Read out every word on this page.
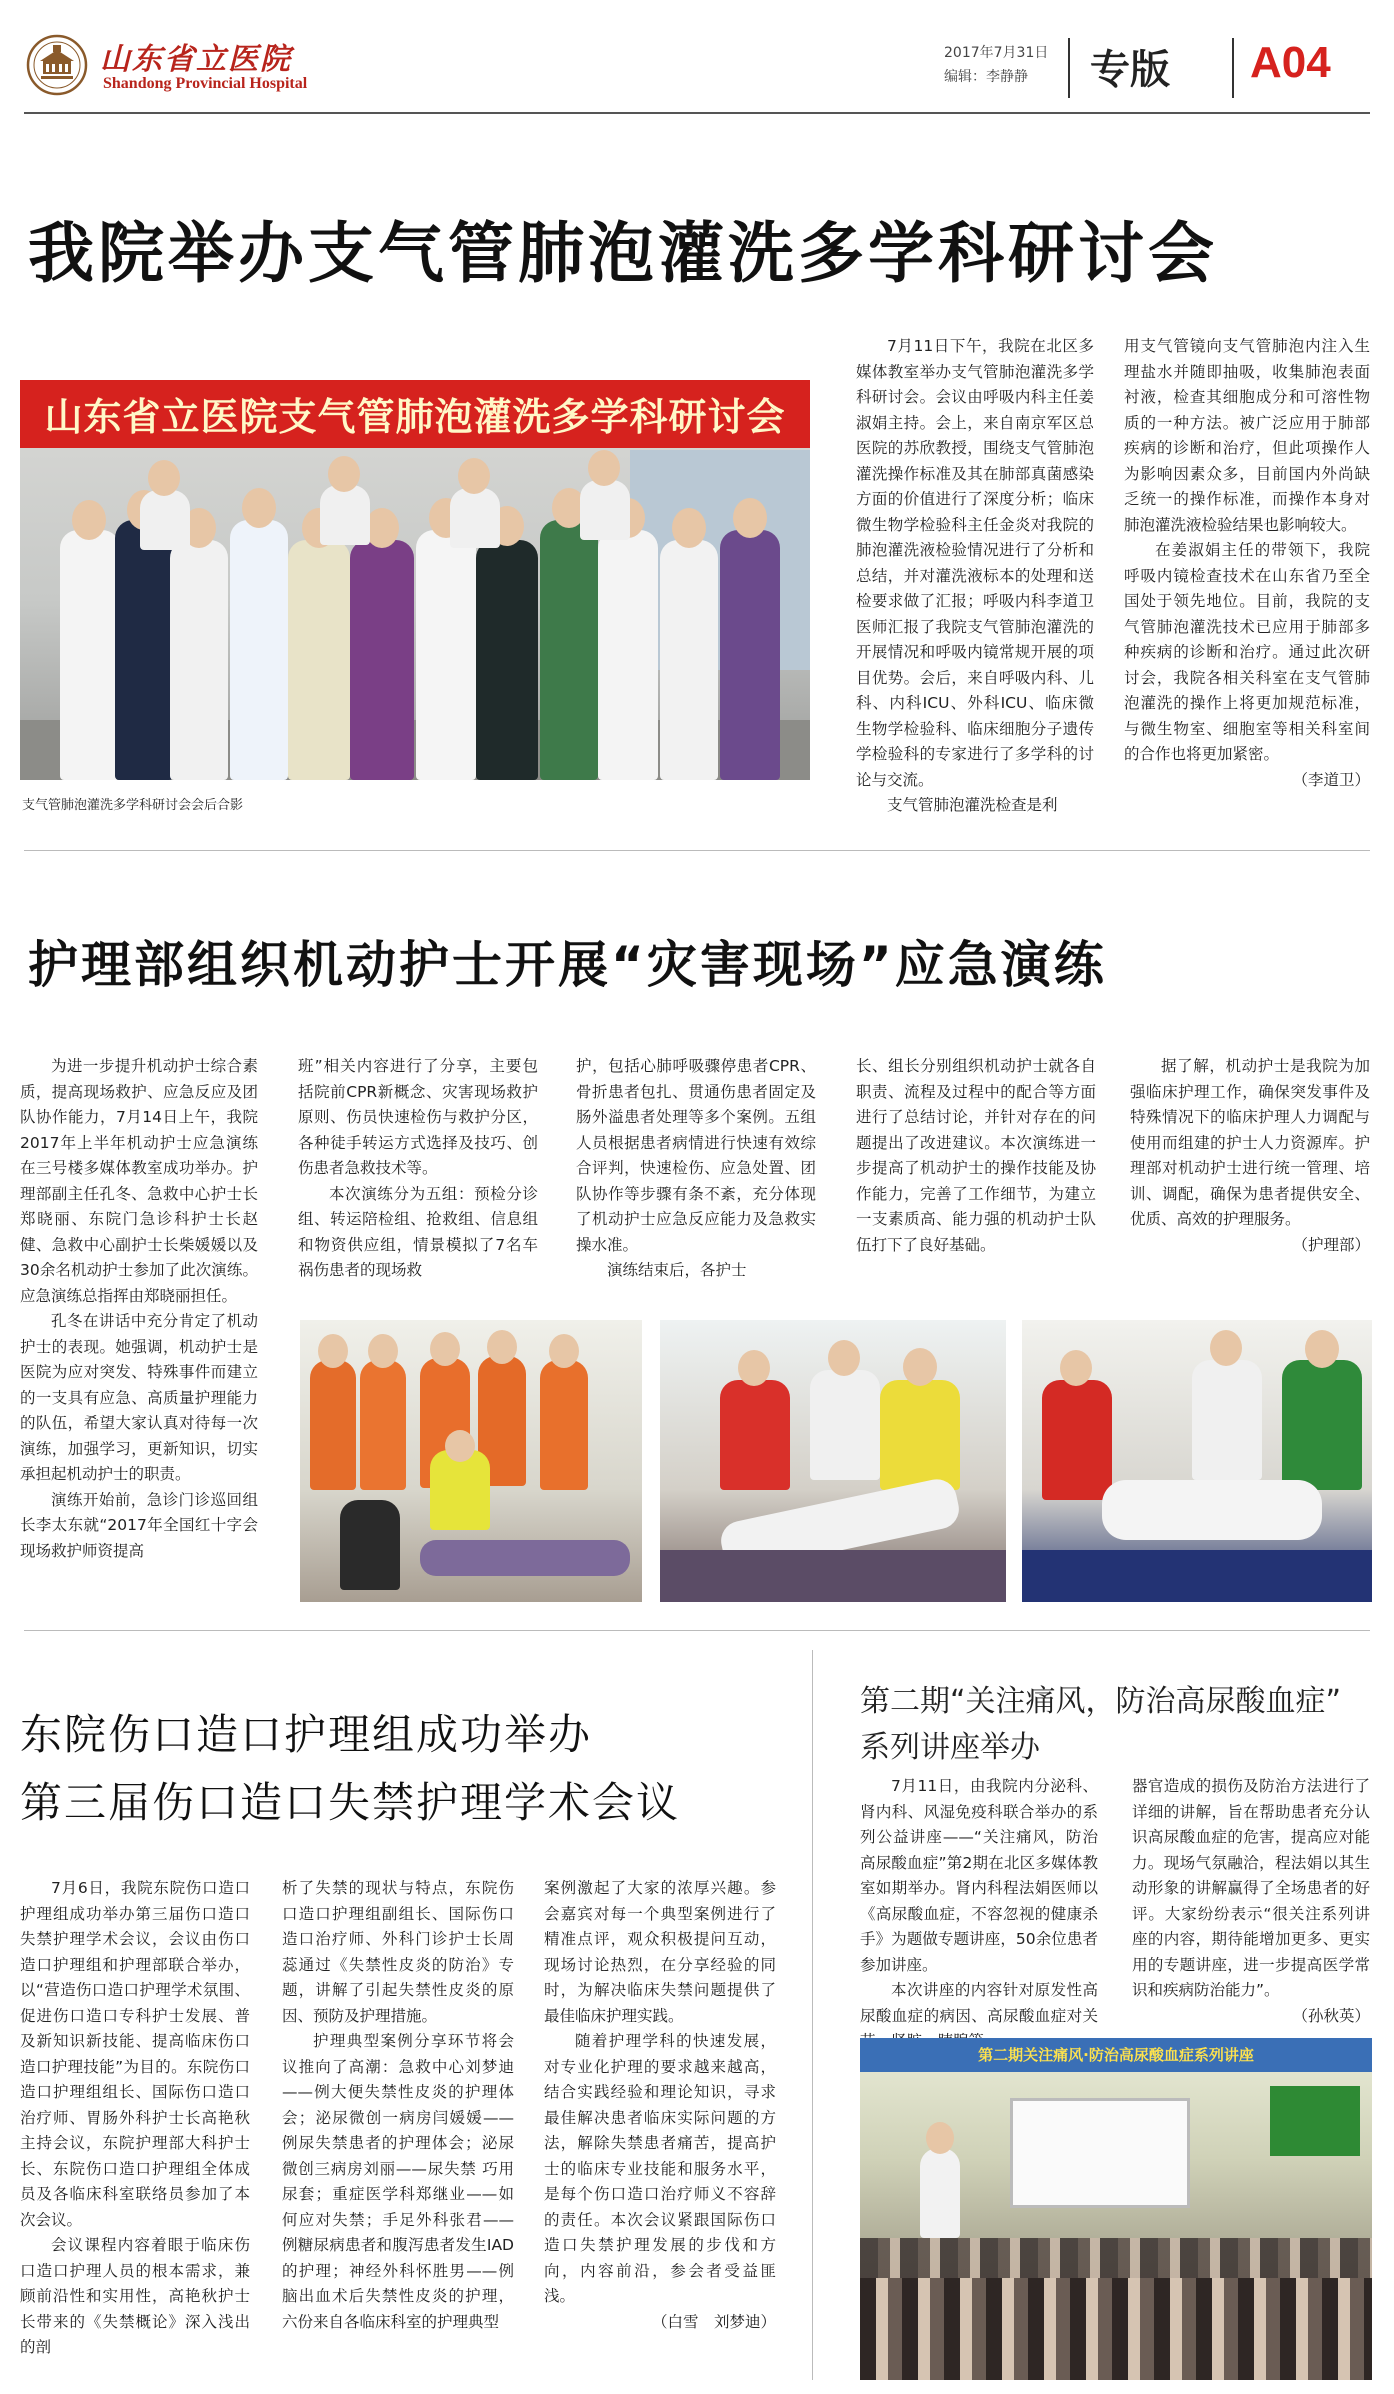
山东省立医院
Shandong Provincial Hospital
2017年7月31日
编辑：李静静 专版 A04
我院举办支气管肺泡灌洗多学科研讨会
山东省立医院支气管肺泡灌洗多学科研讨会
支气管肺泡灌洗多学科研讨会会后合影

7月11日下午，我院在北区多媒体教室举办支气管肺泡灌洗多学科研讨会。会议由呼吸内科主任姜淑娟主持。会上，来自南京军区总医院的苏欣教授，围绕支气管肺泡灌洗操作标准及其在肺部真菌感染方面的价值进行了深度分析；临床微生物学检验科主任金炎对我院的肺泡灌洗液检验情况进行了分析和总结，并对灌洗液标本的处理和送检要求做了汇报；呼吸内科李道卫医师汇报了我院支气管肺泡灌洗的开展情况和呼吸内镜常规开展的项目优势。会后，来自呼吸内科、儿科、内科ICU、外科ICU、临床微生物学检验科、临床细胞分子遗传学检验科的专家进行了多学科的讨论与交流。

支气管肺泡灌洗检查是利

用支气管镜向支气管肺泡内注入生理盐水并随即抽吸，收集肺泡表面衬液，检查其细胞成分和可溶性物质的一种方法。被广泛应用于肺部疾病的诊断和治疗，但此项操作人为影响因素众多，目前国内外尚缺乏统一的操作标准，而操作本身对肺泡灌洗液检验结果也影响较大。

在姜淑娟主任的带领下，我院呼吸内镜检查技术在山东省乃至全国处于领先地位。目前，我院的支气管肺泡灌洗技术已应用于肺部多种疾病的诊断和治疗。通过此次研讨会，我院各相关科室在支气管肺泡灌洗的操作上将更加规范标准，与微生物室、细胞室等相关科室间的合作也将更加紧密。

（李道卫）

护理部组织机动护士开展“灾害现场”应急演练

为进一步提升机动护士综合素质，提高现场救护、应急反应及团队协作能力，7月14日上午，我院2017年上半年机动护士应急演练在三号楼多媒体教室成功举办。护理部副主任孔冬、急救中心护士长郑晓丽、东院门急诊科护士长赵健、急救中心副护士长柴媛媛以及30余名机动护士参加了此次演练。应急演练总指挥由郑晓丽担任。

孔冬在讲话中充分肯定了机动护士的表现。她强调，机动护士是医院为应对突发、特殊事件而建立的一支具有应急、高质量护理能力的队伍，希望大家认真对待每一次演练，加强学习，更新知识，切实承担起机动护士的职责。

演练开始前，急诊门诊巡回组长李太东就“2017年全国红十字会现场救护师资提高

班”相关内容进行了分享，主要包括院前CPR新概念、灾害现场救护原则、伤员快速检伤与救护分区，各种徒手转运方式选择及技巧、创伤患者急救技术等。

本次演练分为五组：预检分诊组、转运陪检组、抢救组、信息组和物资供应组，情景模拟了7名车祸伤患者的现场救

护，包括心肺呼吸骤停患者CPR、骨折患者包扎、贯通伤患者固定及肠外溢患者处理等多个案例。五组人员根据患者病情进行快速有效综合评判，快速检伤、应急处置、团队协作等步骤有条不紊，充分体现了机动护士应急反应能力及急救实操水准。

演练结束后，各护士

长、组长分别组织机动护士就各自职责、流程及过程中的配合等方面进行了总结讨论，并针对存在的问题提出了改进建议。本次演练进一步提高了机动护士的操作技能及协作能力，完善了工作细节，为建立一支素质高、能力强的机动护士队伍打下了良好基础。

据了解，机动护士是我院为加强临床护理工作，确保突发事件及特殊情况下的临床护理人力调配与使用而组建的护士人力资源库。护理部对机动护士进行统一管理、培训、调配，确保为患者提供安全、优质、高效的护理服务。

（护理部）

东院伤口造口护理组成功举办
第三届伤口造口失禁护理学术会议

7月6日，我院东院伤口造口护理组成功举办第三届伤口造口失禁护理学术会议，会议由伤口造口护理组和护理部联合举办，以“营造伤口造口护理学术氛围、促进伤口造口专科护士发展、普及新知识新技能、提高临床伤口造口护理技能”为目的。东院伤口造口护理组组长、国际伤口造口治疗师、胃肠外科护士长高艳秋主持会议，东院护理部大科护士长、东院伤口造口护理组全体成员及各临床科室联络员参加了本次会议。

会议课程内容着眼于临床伤口造口护理人员的根本需求，兼顾前沿性和实用性，高艳秋护士长带来的《失禁概论》深入浅出的剖

析了失禁的现状与特点，东院伤口造口护理组副组长、国际伤口造口治疗师、外科门诊护士长周蕊通过《失禁性皮炎的防治》专题，讲解了引起失禁性皮炎的原因、预防及护理措施。

护理典型案例分享环节将会议推向了高潮：急救中心刘梦迪——例大便失禁性皮炎的护理体会；泌尿微创一病房闫媛媛——例尿失禁患者的护理体会；泌尿微创三病房刘丽——尿失禁 巧用尿套；重症医学科郑继业——如何应对失禁；手足外科张君——例糖尿病患者和腹泻患者发生IAD的护理；神经外科怀胜男——例脑出血术后失禁性皮炎的护理，六份来自各临床科室的护理典型

案例激起了大家的浓厚兴趣。参会嘉宾对每一个典型案例进行了精准点评，观众积极提问互动，现场讨论热烈，在分享经验的同时，为解决临床失禁问题提供了最佳临床护理实践。

随着护理学科的快速发展，对专业化护理的要求越来越高，结合实践经验和理论知识，寻求最佳解决患者临床实际问题的方法，解除失禁患者痛苦，提高护士的临床专业技能和服务水平，是每个伤口造口治疗师义不容辞的责任。本次会议紧跟国际伤口造口失禁护理发展的步伐和方向，内容前沿，参会者受益匪浅。

（白雪　刘梦迪）

第二期“关注痛风，防治高尿酸血症”
系列讲座举办

7月11日，由我院内分泌科、肾内科、风湿免疫科联合举办的系列公益讲座——“关注痛风，防治高尿酸血症”第2期在北区多媒体教室如期举办。肾内科程法娟医师以《高尿酸血症，不容忽视的健康杀手》为题做专题讲座，50余位患者参加讲座。

本次讲座的内容针对原发性高尿酸血症的病因、高尿酸血症对关

器官造成的损伤及防治方法进行了详细的讲解，旨在帮助患者充分认识高尿酸血症的危害，提高应对能力。现场气氛融洽，程法娟以其生动形象的讲解赢得了全场患者的好评。大家纷纷表示“很关注系列讲座的内容，期待能增加更多、更实用的专题讲座，进一步提高医学常识和疾病防治能力”。

（孙秋英）

第二期关注痛风·防治高尿酸血症系列讲座
